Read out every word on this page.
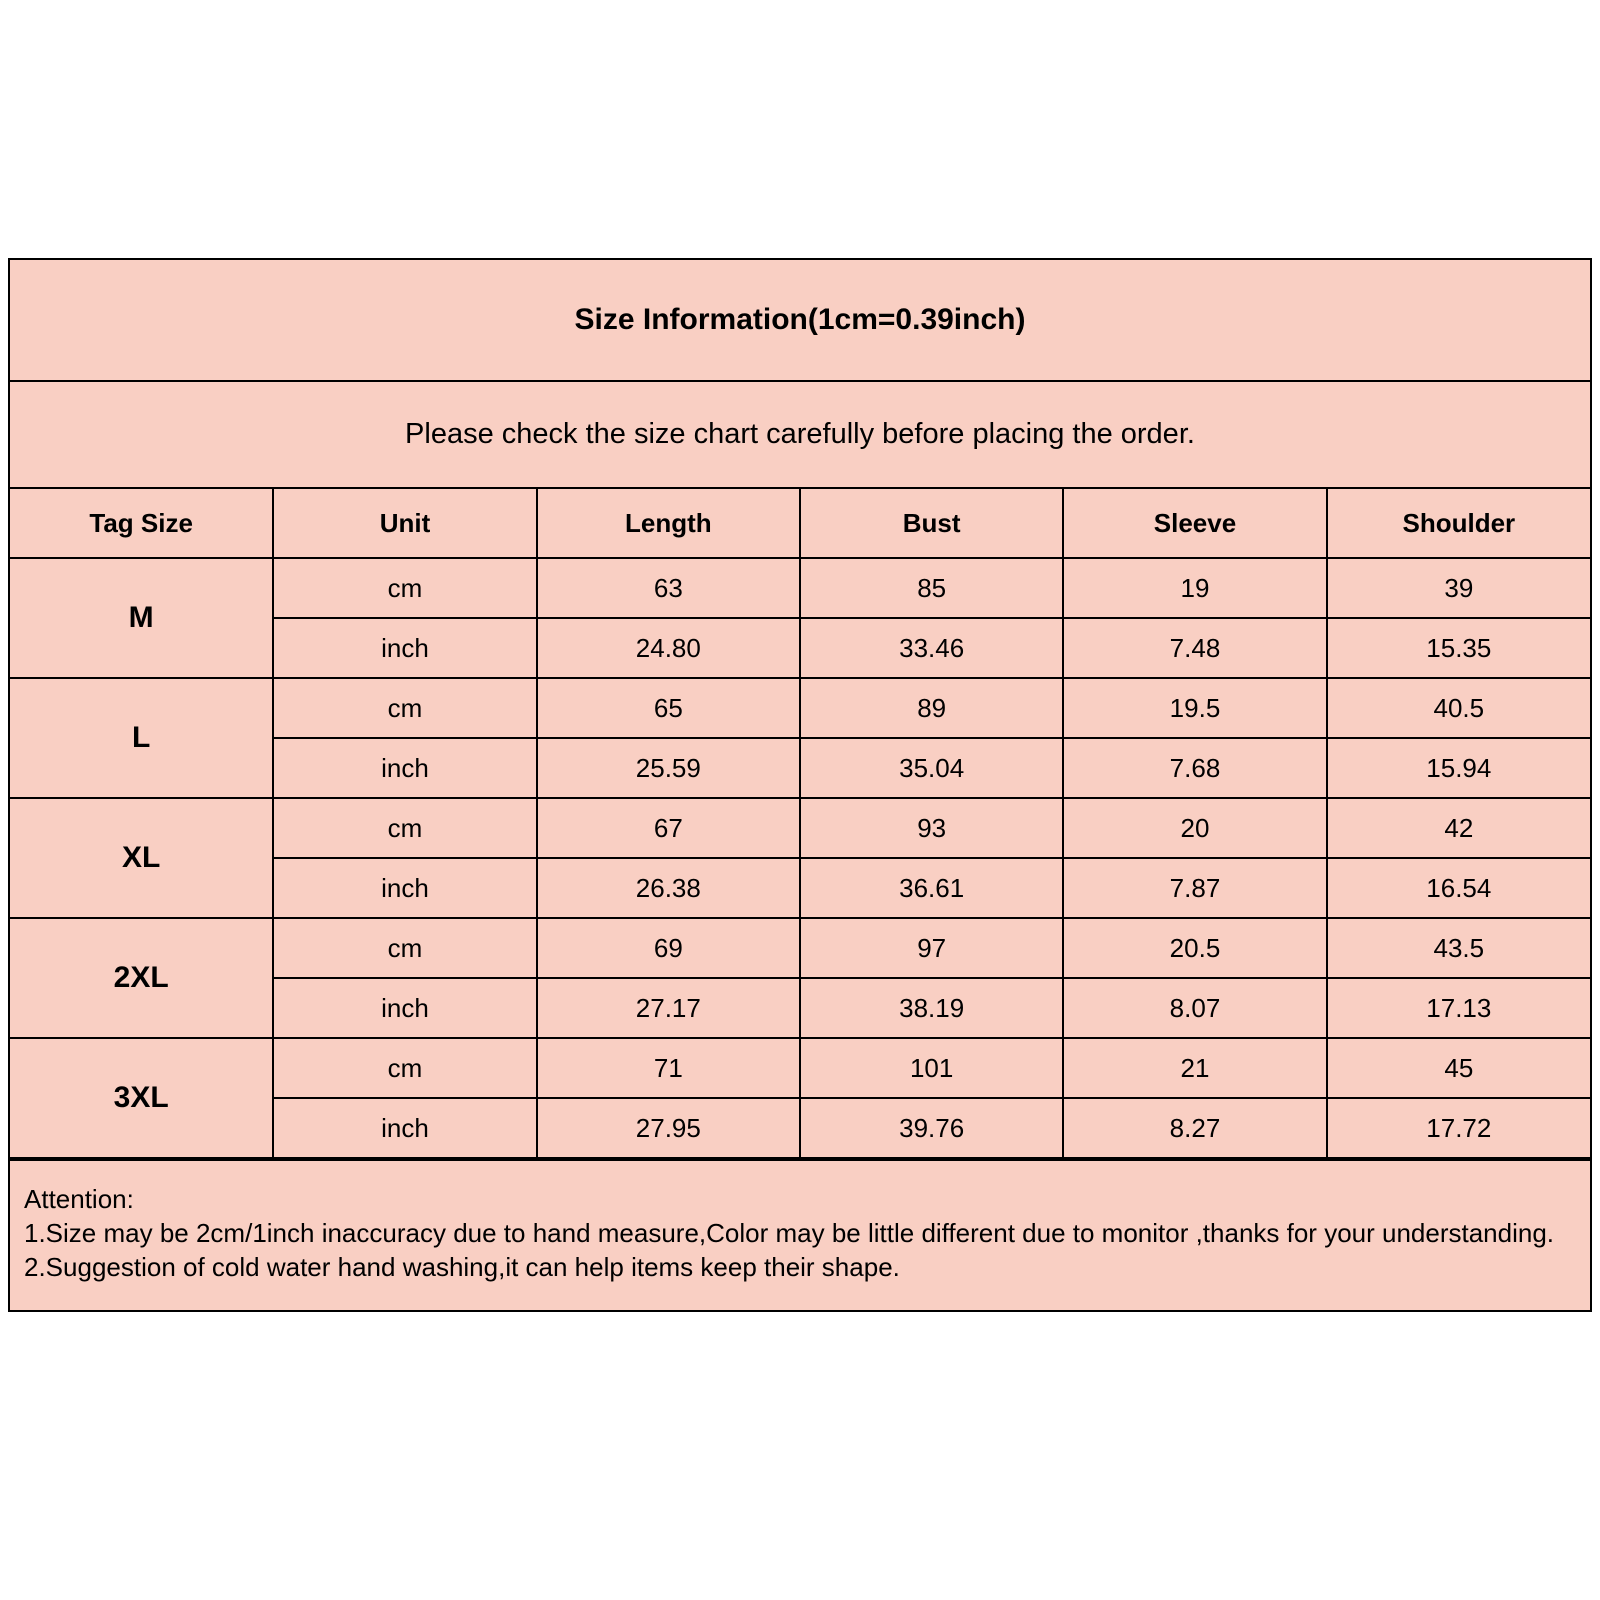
Size Information(1cm=0.39inch)					
Please check the size chart carefully before placing the order.					
Tag Size	Unit	Length	Bust	Sleeve	Shoulder
M	cm	63	85	19	39
	inch	24.80	33.46	7.48	15.35
L	cm	65	89	19.5	40.5
	inch	25.59	35.04	7.68	15.94
XL	cm	67	93	20	42
	inch	26.38	36.61	7.87	16.54
2XL	cm	69	97	20.5	43.5
	inch	27.17	38.19	8.07	17.13
3XL	cm	71	101	21	45
	inch	27.95	39.76	8.27	17.72
Attention:
1.Size may be 2cm/1inch inaccuracy due to hand measure,Color may be little different due to monitor ,thanks for your understanding.
2.Suggestion of cold water hand washing,it can help items keep their shape.
